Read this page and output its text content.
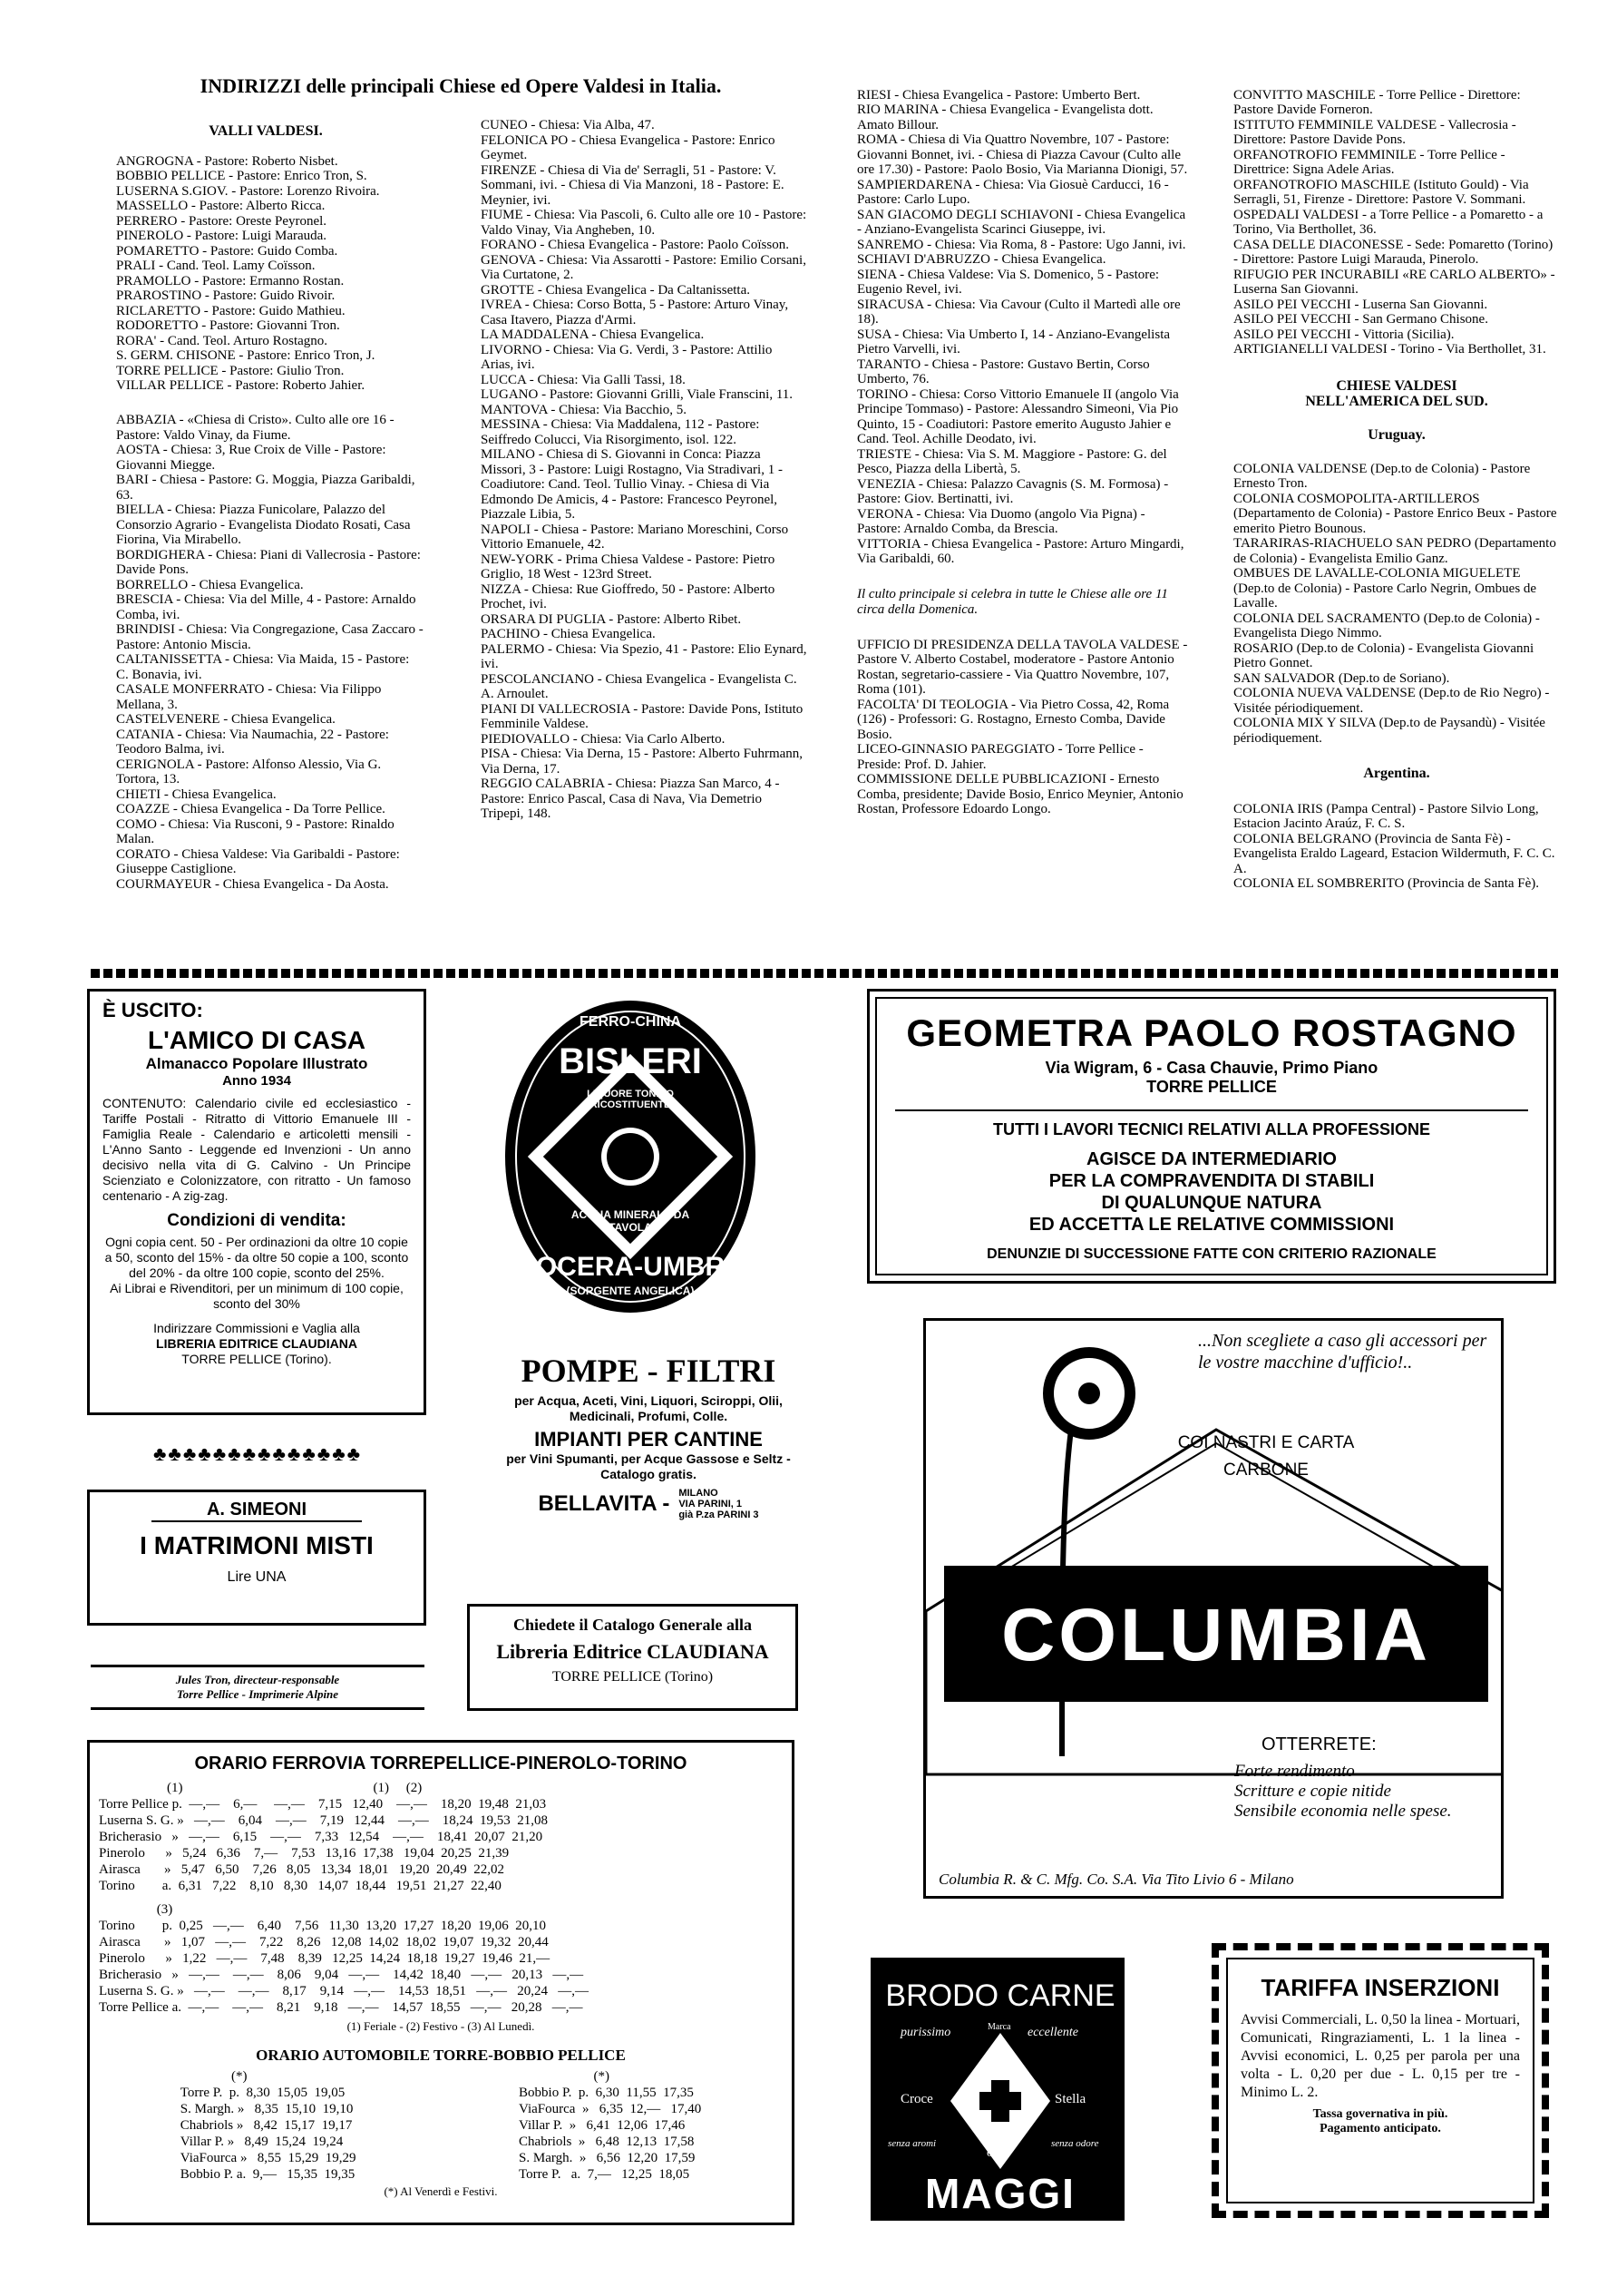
INDIRIZZI delle principali Chiese ed Opere Valdesi in Italia.

VALLI VALDESI.

ANGROGNA - Pastore: Roberto Nisbet.
BOBBIO PELLICE - Pastore: Enrico Tron, S.
LUSERNA S.GIOV. - Pastore: Lorenzo Rivoira.
MASSELLO - Pastore: Alberto Ricca.
PERRERO - Pastore: Oreste Peyronel.
PINEROLO - Pastore: Luigi Marauda.
POMARETTO - Pastore: Guido Comba.
PRALI - Cand. Teol. Lamy Coïsson.
PRAMOLLO - Pastore: Ermanno Rostan.
PRAROSTINO - Pastore: Guido Rivoir.
RICLARETTO - Pastore: Guido Mathieu.
RODORETTO - Pastore: Giovanni Tron.
RORA' - Cand. Teol. Arturo Rostagno.
S. GERM. CHISONE - Pastore: Enrico Tron, J.
TORRE PELLICE - Pastore: Giulio Tron.
VILLAR PELLICE - Pastore: Roberto Jahier.

ABBAZIA - «Chiesa di Cristo». Culto alle ore 16 - Pastore: Valdo Vinay, da Fiume.
AOSTA - Chiesa: 3, Rue Croix de Ville - Pastore: Giovanni Miegge.
BARI - Chiesa - Pastore: G. Moggia, Piazza Garibaldi, 63.
BIELLA - Chiesa: Piazza Funicolare, Palazzo del Consorzio Agrario - Evangelista Diodato Rosati, Casa Fiorina, Via Mirabello.
BORDIGHERA - Chiesa: Piani di Vallecrosia - Pastore: Davide Pons.
BORRELLO - Chiesa Evangelica.
BRESCIA - Chiesa: Via del Mille, 4 - Pastore: Arnaldo Comba, ivi.
BRINDISI - Chiesa: Via Congregazione, Casa Zaccaro - Pastore: Antonio Miscia.
CALTANISSETTA - Chiesa: Via Maida, 15 - Pastore: C. Bonavia, ivi.
CASALE MONFERRATO - Chiesa: Via Filippo Mellana, 3.
CASTELVENERE - Chiesa Evangelica.
CATANIA - Chiesa: Via Naumachia, 22 - Pastore: Teodoro Balma, ivi.
CERIGNOLA - Pastore: Alfonso Alessio, Via G. Tortora, 13.
CHIETI - Chiesa Evangelica.
COAZZE - Chiesa Evangelica - Da Torre Pellice.
COMO - Chiesa: Via Rusconi, 9 - Pastore: Rinaldo Malan.
CORATO - Chiesa Valdese: Via Garibaldi - Pastore: Giuseppe Castiglione.
COURMAYEUR - Chiesa Evangelica - Da Aosta.
CUNEO - Chiesa: Via Alba, 47.
FELONICA PO - Chiesa Evangelica - Pastore: Enrico Geymet.
FIRENZE - Chiesa di Via de' Serragli, 51 - Pastore: V. Sommani, ivi. - Chiesa di Via Manzoni, 18 - Pastore: E. Meynier, ivi.
FIUME - Chiesa: Via Pascoli, 6. Culto alle ore 10 - Pastore: Valdo Vinay, Via Angheben, 10.
FORANO - Chiesa Evangelica - Pastore: Paolo Coïsson.
GENOVA - Chiesa: Via Assarotti - Pastore: Emilio Corsani, Via Curtatone, 2.
GROTTE - Chiesa Evangelica - Da Caltanissetta.
IVREA - Chiesa: Corso Botta, 5 - Pastore: Arturo Vinay, Casa Itavero, Piazza d'Armi.
LA MADDALENA - Chiesa Evangelica.
LIVORNO - Chiesa: Via G. Verdi, 3 - Pastore: Attilio Arias, ivi.
LUCCA - Chiesa: Via Galli Tassi, 18.
LUGANO - Pastore: Giovanni Grilli, Viale Franscini, 11.
MANTOVA - Chiesa: Via Bacchio, 5.
MESSINA - Chiesa: Via Maddalena, 112 - Pastore: Seiffredo Colucci, Via Risorgimento, isol. 122.
MILANO - Chiesa di S. Giovanni in Conca: Piazza Missori, 3 - Pastore: Luigi Rostagno, Via Stradivari, 1 - Coadiutore: Cand. Teol. Tullio Vinay. - Chiesa di Via Edmondo De Amicis, 4 - Pastore: Francesco Peyronel, Piazzale Libia, 5.
NAPOLI - Chiesa - Pastore: Mariano Moreschini, Corso Vittorio Emanuele, 42.
NEW-YORK - Prima Chiesa Valdese - Pastore: Pietro Griglio, 18 West - 123rd Street.
NIZZA - Chiesa: Rue Gioffredo, 50 - Pastore: Alberto Prochet, ivi.
ORSARA DI PUGLIA - Pastore: Alberto Ribet.
PACHINO - Chiesa Evangelica.
PALERMO - Chiesa: Via Spezio, 41 - Pastore: Elio Eynard, ivi.
PESCOLANCIANO - Chiesa Evangelica - Evangelista C. A. Arnoulet.
PIANI DI VALLECROSIA - Pastore: Davide Pons, Istituto Femminile Valdese.
PIEDIOVALLO - Chiesa: Via Carlo Alberto.
PISA - Chiesa: Via Derna, 15 - Pastore: Alberto Fuhrmann, Via Derna, 17.
REGGIO CALABRIA - Chiesa: Piazza San Marco, 4 - Pastore: Enrico Pascal, Casa di Nava, Via Demetrio Tripepi, 148.

RIESI - Chiesa Evangelica - Pastore: Umberto Bert.
RIO MARINA - Chiesa Evangelica - Evangelista dott. Amato Billour.
ROMA - Chiesa di Via Quattro Novembre, 107 - Pastore: Giovanni Bonnet, ivi. - Chiesa di Piazza Cavour (Culto alle ore 17.30) - Pastore: Paolo Bosio, Via Marianna Dionigi, 57.
SAMPIERDARENA - Chiesa: Via Giosuè Carducci, 16 - Pastore: Carlo Lupo.
SAN GIACOMO DEGLI SCHIAVONI - Chiesa Evangelica - Anziano-Evangelista Scarinci Giuseppe, ivi.
SANREMO - Chiesa: Via Roma, 8 - Pastore: Ugo Janni, ivi.
SCHIAVI D'ABRUZZO - Chiesa Evangelica.
SIENA - Chiesa Valdese: Via S. Domenico, 5 - Pastore: Eugenio Revel, ivi.
SIRACUSA - Chiesa: Via Cavour (Culto il Martedì alle ore 18).
SUSA - Chiesa: Via Umberto I, 14 - Anziano-Evangelista Pietro Varvelli, ivi.
TARANTO - Chiesa - Pastore: Gustavo Bertin, Corso Umberto, 76.
TORINO - Chiesa: Corso Vittorio Emanuele II (angolo Via Principe Tommaso) - Pastore: Alessandro Simeoni, Via Pio Quinto, 15 - Coadiutori: Pastore emerito Augusto Jahier e Cand. Teol. Achille Deodato, ivi.
TRIESTE - Chiesa: Via S. M. Maggiore - Pastore: G. del Pesco, Piazza della Libertà, 5.
VENEZIA - Chiesa: Palazzo Cavagnis (S. M. Formosa) - Pastore: Giov. Bertinatti, ivi.
VERONA - Chiesa: Via Duomo (angolo Via Pigna) - Pastore: Arnaldo Comba, da Brescia.
VITTORIA - Chiesa Evangelica - Pastore: Arturo Mingardi, Via Garibaldi, 60.

Il culto principale si celebra in tutte le Chiese alle ore 11 circa della Domenica.

UFFICIO DI PRESIDENZA DELLA TAVOLA VALDESE - Pastore V. Alberto Costabel, moderatore - Pastore Antonio Rostan, segretario-cassiere - Via Quattro Novembre, 107, Roma (101).
FACOLTA' DI TEOLOGIA - Via Pietro Cossa, 42, Roma (126) - Professori: G. Rostagno, Ernesto Comba, Davide Bosio.
LICEO-GINNASIO PAREGGIATO - Torre Pellice - Preside: Prof. D. Jahier.
COMMISSIONE DELLE PUBBLICAZIONI - Ernesto Comba, presidente; Davide Bosio, Enrico Meynier, Antonio Rostan, Professore Edoardo Longo.

CONVITTO MASCHILE - Torre Pellice - Direttore: Pastore Davide Forneron.
ISTITUTO FEMMINILE VALDESE - Vallecrosia - Direttore: Pastore Davide Pons.
ORFANOTROFIO FEMMINILE - Torre Pellice - Direttrice: Signa Adele Arias.
ORFANOTROFIO MASCHILE (Istituto Gould) - Via Serragli, 51, Firenze - Direttore: Pastore V. Sommani.
OSPEDALI VALDESI - a Torre Pellice - a Pomaretto - a Torino, Via Berthollet, 36.
CASA DELLE DIACONESSE - Sede: Pomaretto (Torino) - Direttore: Pastore Luigi Marauda, Pinerolo.
RIFUGIO PER INCURABILI «RE CARLO ALBERTO» - Luserna San Giovanni.
ASILO PEI VECCHI - Luserna San Giovanni.
ASILO PEI VECCHI - San Germano Chisone.
ASILO PEI VECCHI - Vittoria (Sicilia).
ARTIGIANELLI VALDESI - Torino - Via Berthollet, 31.

CHIESE VALDESI
NELL'AMERICA DEL SUD.

Uruguay.

COLONIA VALDENSE (Dep.to de Colonia) - Pastore Ernesto Tron.
COLONIA COSMOPOLITA-ARTILLEROS (Departamento de Colonia) - Pastore Enrico Beux - Pastore emerito Pietro Bounous.
TARARIRAS-RIACHUELO SAN PEDRO (Departamento de Colonia) - Evangelista Emilio Ganz.
OMBUES DE LAVALLE-COLONIA MIGUELETE (Dep.to de Colonia) - Pastore Carlo Negrin, Ombues de Lavalle.
COLONIA DEL SACRAMENTO (Dep.to de Colonia) - Evangelista Diego Nimmo.
ROSARIO (Dep.to de Colonia) - Evangelista Giovanni Pietro Gonnet.
SAN SALVADOR (Dep.to de Soriano).
COLONIA NUEVA VALDENSE (Dep.to de Rio Negro) - Visitée périodiquement.
COLONIA MIX Y SILVA (Dep.to de Paysandù) - Visitée périodiquement.

Argentina.

COLONIA IRIS (Pampa Central) - Pastore Silvio Long, Estacion Jacinto Araúz, F. C. S.
COLONIA BELGRANO (Provincia de Santa Fè) - Evangelista Eraldo Lageard, Estacion Wildermuth, F. C. C. A.
COLONIA EL SOMBRERITO (Provincia de Santa Fè).

È USCITO:
L'AMICO DI CASA
Almanacco Popolare Illustrato
Anno 1934
CONTENUTO: Calendario civile ed ecclesiastico - Tariffe Postali - Ritratto di Vittorio Emanuele III - Famiglia Reale - Calendario e articoletti mensili - L'Anno Santo - Leggende ed Invenzioni - Un anno decisivo nella vita di G. Calvino - Un Principe Scienziato e Colonizzatore, con ritratto - Un famoso centenario - A zig-zag.
Condizioni di vendita:
Ogni copia cent. 50 - Per ordinazioni da oltre 10 copie a 50, sconto del 15% - da oltre 50 copie a 100, sconto del 20% - da oltre 100 copie, sconto del 25%.
Ai Librai e Rivenditori, per un minimum di 100 copie, sconto del 30%
Indirizzare Commissioni e Vaglia alla
LIBRERIA EDITRICE CLAUDIANA
TORRE PELLICE (Torino).
♣♣♣♣♣♣♣♣♣♣♣♣♣♣
A. SIMEONI
I MATRIMONI MISTI
Lire UNA
Jules Tron, directeur-responsable
Torre Pellice - Imprimerie Alpine
FERRO-CHINA
BISLERI
LIQUORE TONICO RICOSTITUENTE
ACQUA MINERALE DA TAVOLA
NOCERA-UMBRA
(SORGENTE ANGELICA)
POMPE - FILTRI
per Acqua, Aceti, Vini, Liquori, Sciroppi, Olii, Medicinali, Profumi, Colle.
IMPIANTI PER CANTINE
per Vini Spumanti, per Acque Gassose e Seltz - Catalogo gratis.
BELLAVITA - MILANO
VIA PARINI, 1
già P.za PARINI 3
Chiedete il Catalogo Generale alla
Libreria Editrice CLAUDIANA
TORRE PELLICE (Torino)
GEOMETRA PAOLO ROSTAGNO
Via Wigram, 6 - Casa Chauvie, Primo Piano
TORRE PELLICE
TUTTI I LAVORI TECNICI RELATIVI ALLA PROFESSIONE
AGISCE DA INTERMEDIARIO
PER LA COMPRAVENDITA DI STABILI
DI QUALUNQUE NATURA
ED ACCETTA LE RELATIVE COMMISSIONI
DENUNZIE DI SUCCESSIONE FATTE CON CRITERIO RAZIONALE
...Non scegliete a caso gli accessori per le vostre macchine d'ufficio!..
COI NASTRI E CARTA CARBONE
COLUMBIA
OTTERRETE:
Forte rendimento
Scritture e copie nitide
Sensibile economia nelle spese.
Columbia R. & C. Mfg. Co. S.A. Via Tito Livio 6 - Milano
ORARIO FERROVIA TORREPELLICE-PINEROLO-TORINO
(1)                                                        (1)     (2)
Torre Pellice p.  —,—    6,—     —,—    7,15   12,40    —,—    18,20  19,48  21,03
Luserna S. G. »   —,—    6,04    —,—    7,19   12,44    —,—    18,24  19,53  21,08
Bricherasio   »   —,—    6,15    —,—    7,33   12,54    —,—    18,41  20,07  21,20
Pinerolo      »   5,24   6,36    7,—    7,53   13,16  17,38   19,04  20,25  21,39
Airasca       »   5,47   6,50    7,26   8,05   13,34  18,01   19,20  20,49  22,02
Torino        a.  6,31   7,22    8,10   8,30   14,07  18,44   19,51  21,27  22,40
(3)
Torino        p.  0,25   —,—    6,40    7,56   11,30  13,20  17,27  18,20  19,06  20,10
Airasca       »   1,07   —,—    7,22    8,26   12,08  14,02  18,02  19,07  19,32  20,44
Pinerolo      »   1,22   —,—    7,48    8,39   12,25  14,24  18,18  19,27  19,46  21,—
Bricherasio   »   —,—    —,—    8,06    9,04   —,—    14,42  18,40   —,—   20,13   —,—
Luserna S. G. »   —,—    —,—    8,17    9,14   —,—    14,53  18,51   —,—   20,24   —,—
Torre Pellice a.  —,—    —,—    8,21    9,18   —,—    14,57  18,55   —,—   20,28   —,—
(1) Feriale - (2) Festivo - (3) Al Lunedì.
ORARIO AUTOMOBILE TORRE-BOBBIO PELLICE
(*)
Torre P.  p.  8,30  15,05  19,05
S. Margh. »   8,35  15,10  19,10
Chabriols »   8,42  15,17  19,17
Villar P. »   8,49  15,24  19,24
ViaFourca »   8,55  15,29  19,29
Bobbio P. a.  9,—   15,35  19,35
(*)
Bobbio P.  p.  6,30  11,55  17,35
ViaFourca  »   6,35  12,—   17,40
Villar P.  »   6,41  12,06  17,46
Chabriols  »   6,48  12,13  17,58
S. Margh.  »   6,56  12,20  17,59
Torre P.   a.  7,—   12,25  18,05
(*) Al Venerdì e Festivi.
BRODO CARNE
purissimo	Marca eccellente
Croce	Stella
senza aromi
oro
senza odore
MAGGI
TARIFFA INSERZIONI
Avvisi Commerciali, L. 0,50 la linea - Mortuari, Comunicati, Ringraziamenti, L. 1 la linea - Avvisi economici, L. 0,25 per parola per una volta - L. 0,20 per due - L. 0,15 per tre - Minimo L. 2.
Tassa governativa in più.
Pagamento anticipato.
